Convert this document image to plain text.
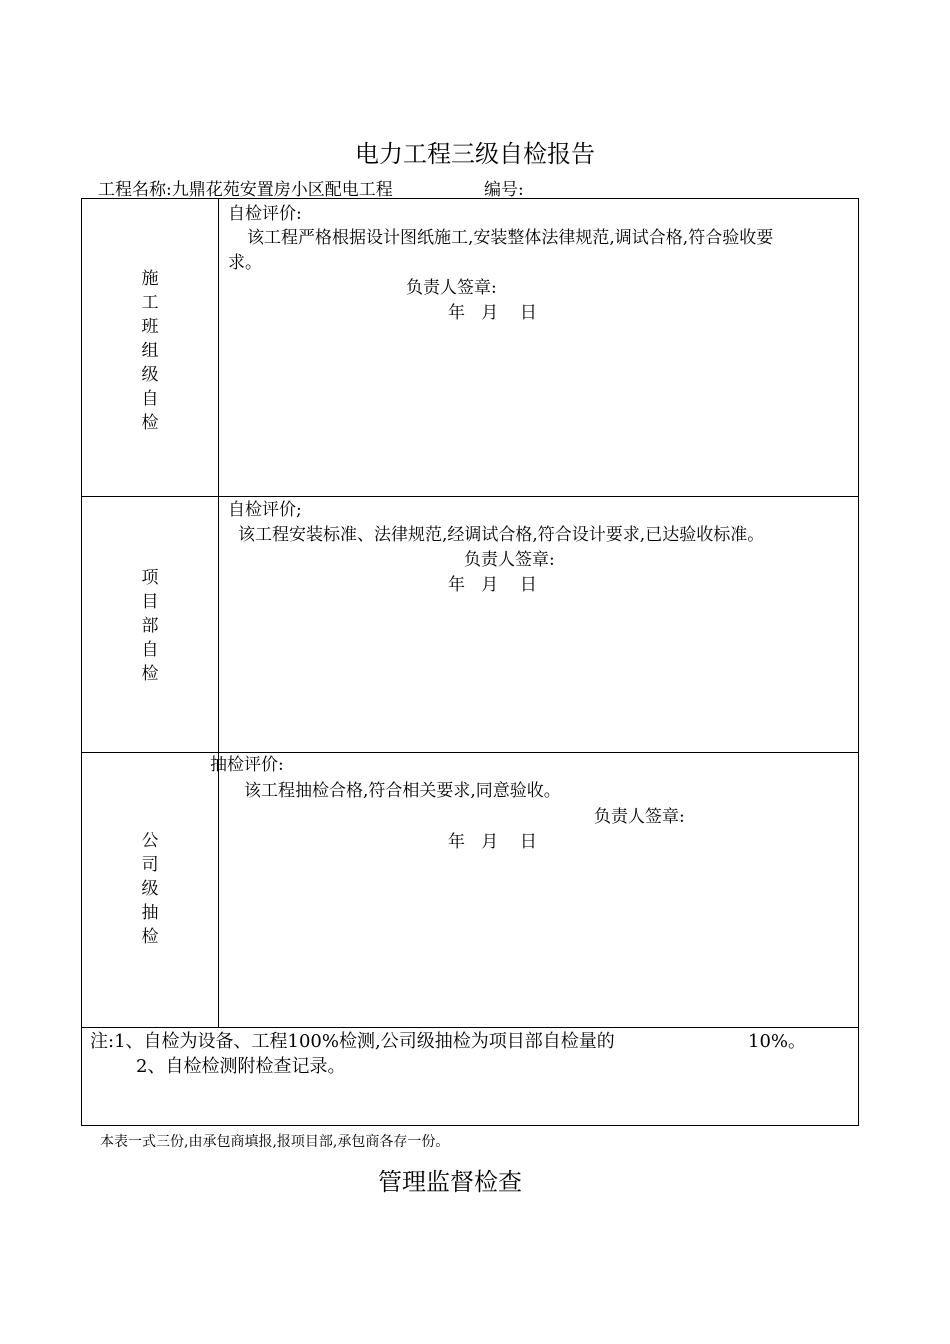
电力工程三级自检报告
工程名称:九鼎花苑安置房小区配电工程	编号:
施
工
班
组
级
自
检
自检评价:
该工程严格根据设计图纸施工,安装整体法律规范,调试合格,符合验收要
求。
负责人签章:
年   月    日
项
目
部
自
检
自检评价;
该工程安装标准、法律规范,经调试合格,符合设计要求,已达验收标准。
负责人签章:
年   月    日
公
司
级
抽
检
抽检评价:
该工程抽检合格,符合相关要求,同意验收。
负责人签章:
年   月    日
注:1、自检为设备、工程100%检测,公司级抽检为项目部自检量的	10%。
2、自检检测附检查记录。
本表一式三份,由承包商填报,报项目部,承包商各存一份。
管理监督检查
